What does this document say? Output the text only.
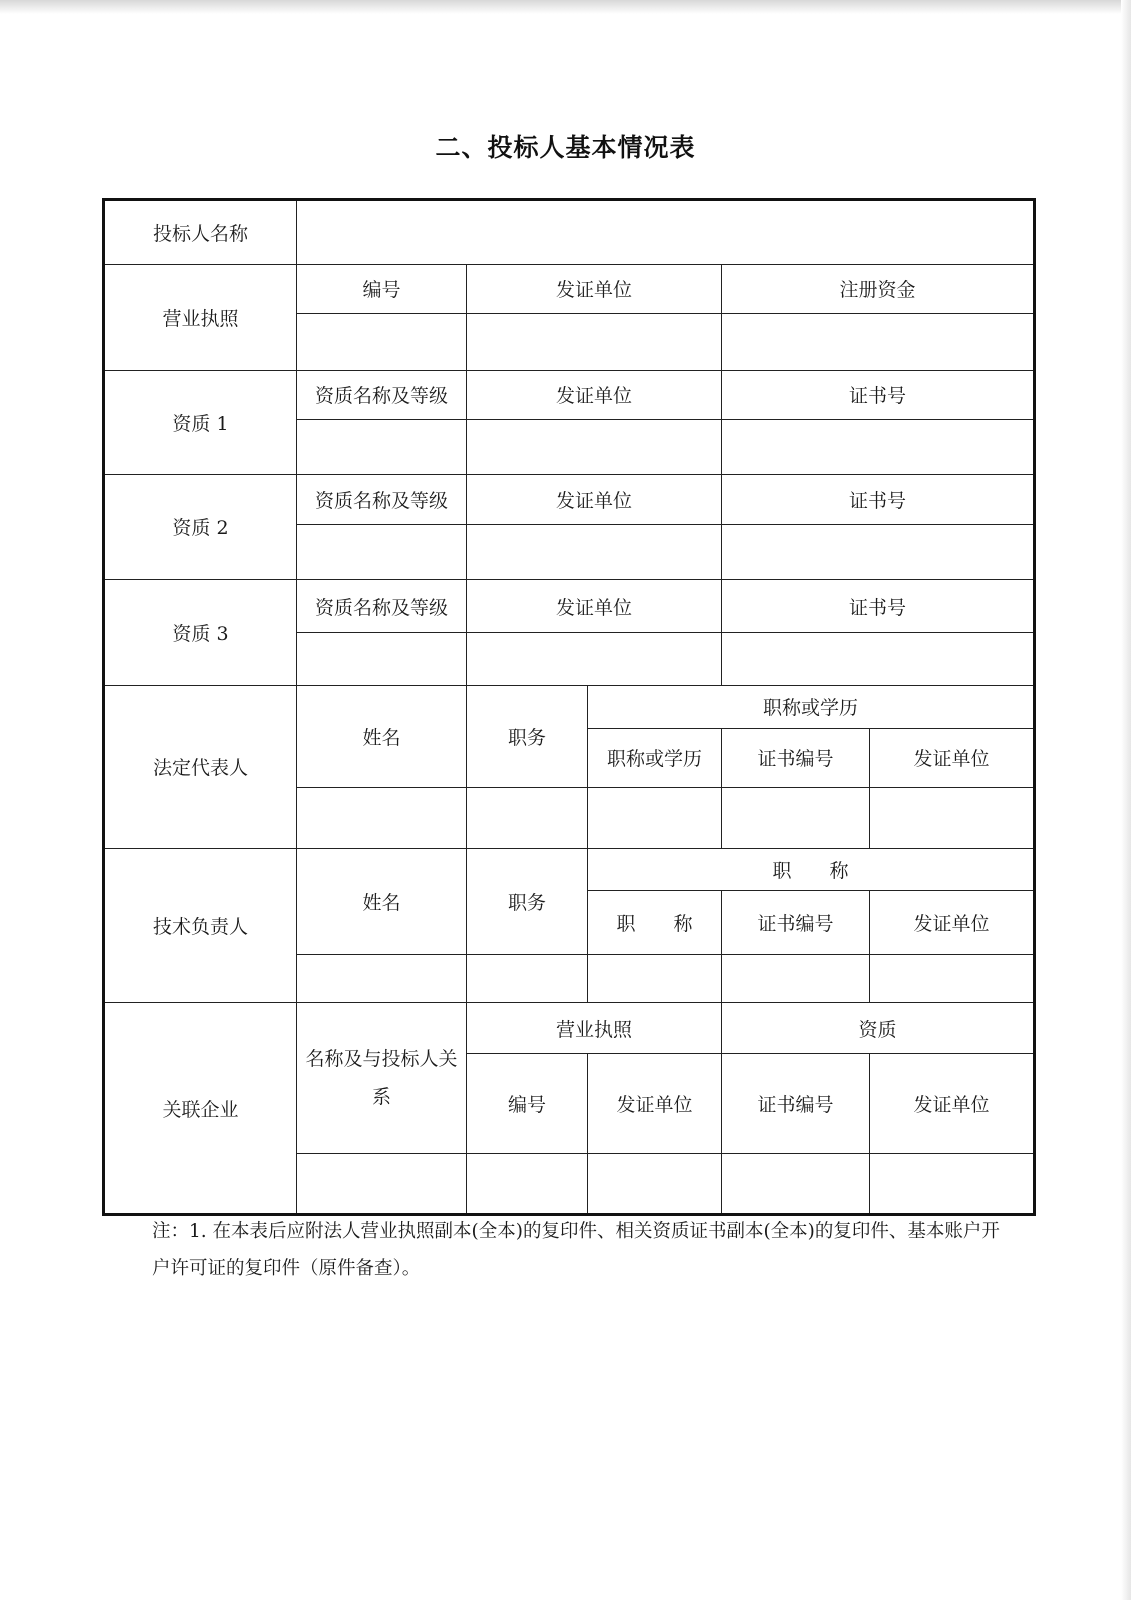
二、投标人基本情况表
投标人名称					
营业执照	编号	发证单位		注册资金	

资质 1	资质名称及等级	发证单位		证书号	

资质 2	资质名称及等级	发证单位		证书号	

资质 3	资质名称及等级	发证单位		证书号	

法定代表人	姓名	职务	职称或学历		
			职称或学历	证书编号	发证单位

技术负责人	姓名	职务	职　　称		
			职　　称	证书编号	发证单位

关联企业	名称及与投标人关系	营业执照		资质	
		编号	发证单位	证书编号	发证单位

注：1. 在本表后应附法人营业执照副本(全本)的复印件、相关资质证书副本(全本)的复印件、基本账户开户许可证的复印件（原件备查）。
